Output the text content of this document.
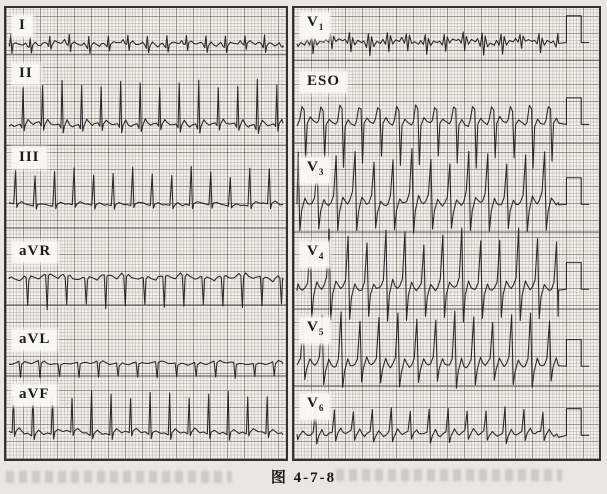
I
II
III
aVR
aVL
aVF
$V_1$
ESO
$V_3$
$V_4$
$V_5$
$V_6$
图 4-7-8
